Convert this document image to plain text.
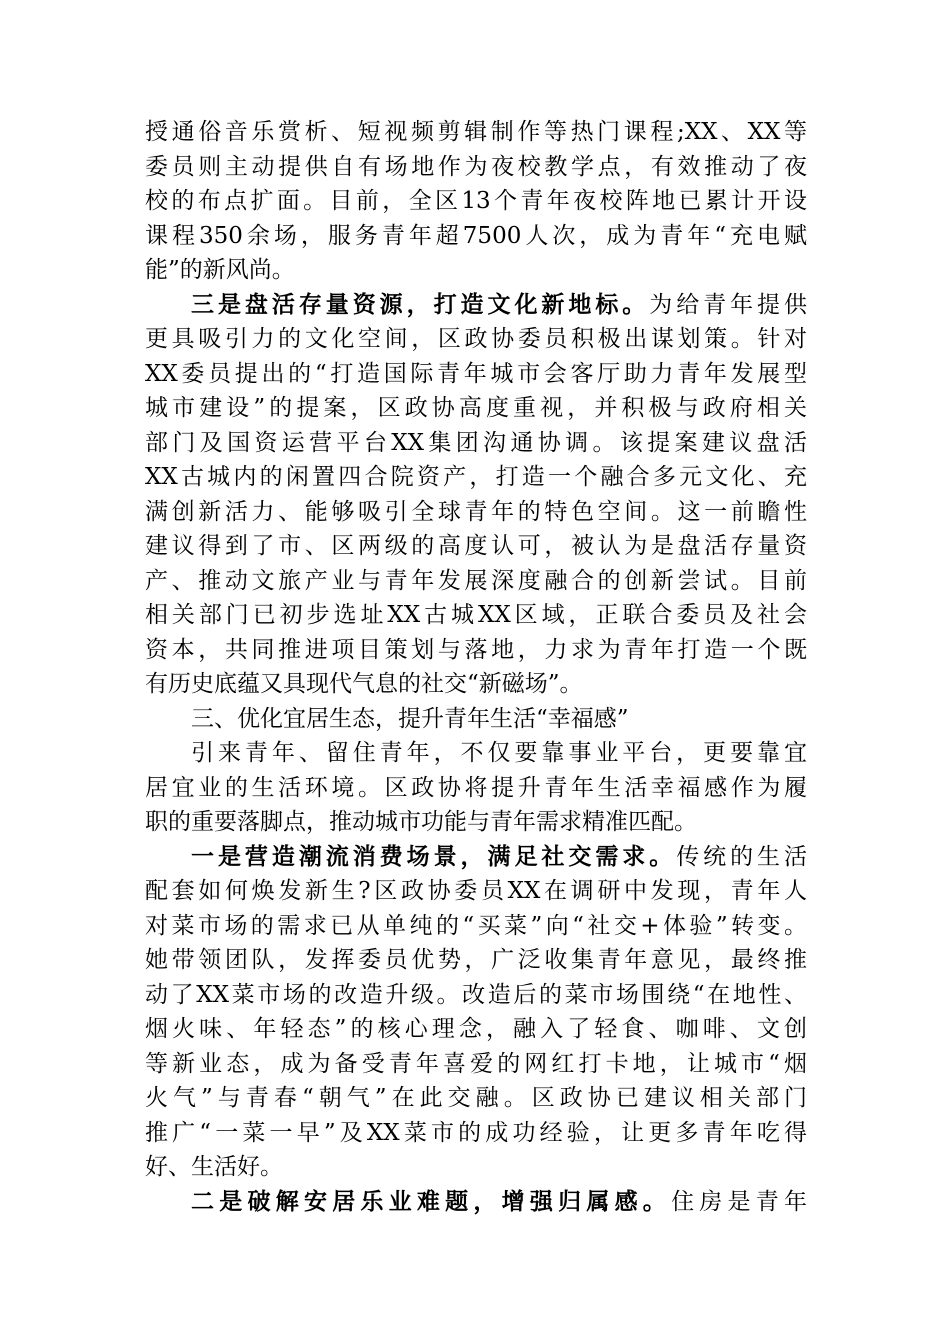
授通俗音乐赏析、短视频剪辑制作等热门课程;XX、XX等
委员则主动提供自有场地作为夜校教学点，有效推动了夜
校的布点扩面。目前，全区13个青年夜校阵地已累计开设
课程350余场，服务青年超7500人次，成为青年“充电赋
能”的新风尚。
三是盘活存量资源，打造文化新地标。为给青年提供
更具吸引力的文化空间，区政协委员积极出谋划策。针对
XX委员提出的“打造国际青年城市会客厅助力青年发展型
城市建设”的提案，区政协高度重视，并积极与政府相关
部门及国资运营平台XX集团沟通协调。该提案建议盘活
XX古城内的闲置四合院资产，打造一个融合多元文化、充
满创新活力、能够吸引全球青年的特色空间。这一前瞻性
建议得到了市、区两级的高度认可，被认为是盘活存量资
产、推动文旅产业与青年发展深度融合的创新尝试。目前
相关部门已初步选址XX古城XX区域，正联合委员及社会
资本，共同推进项目策划与落地，力求为青年打造一个既
有历史底蕴又具现代气息的社交“新磁场”。
三、优化宜居生态，提升青年生活“幸福感”
引来青年、留住青年，不仅要靠事业平台，更要靠宜
居宜业的生活环境。区政协将提升青年生活幸福感作为履
职的重要落脚点，推动城市功能与青年需求精准匹配。
一是营造潮流消费场景，满足社交需求。传统的生活
配套如何焕发新生?区政协委员XX在调研中发现，青年人
对菜市场的需求已从单纯的“买菜”向“社交+体验”转变。
她带领团队，发挥委员优势，广泛收集青年意见，最终推
动了XX菜市场的改造升级。改造后的菜市场围绕“在地性、
烟火味、年轻态”的核心理念，融入了轻食、咖啡、文创
等新业态，成为备受青年喜爱的网红打卡地，让城市“烟
火气”与青春“朝气”在此交融。区政协已建议相关部门
推广“一菜一早”及XX菜市的成功经验，让更多青年吃得
好、生活好。
二是破解安居乐业难题，增强归属感。住房是青年
